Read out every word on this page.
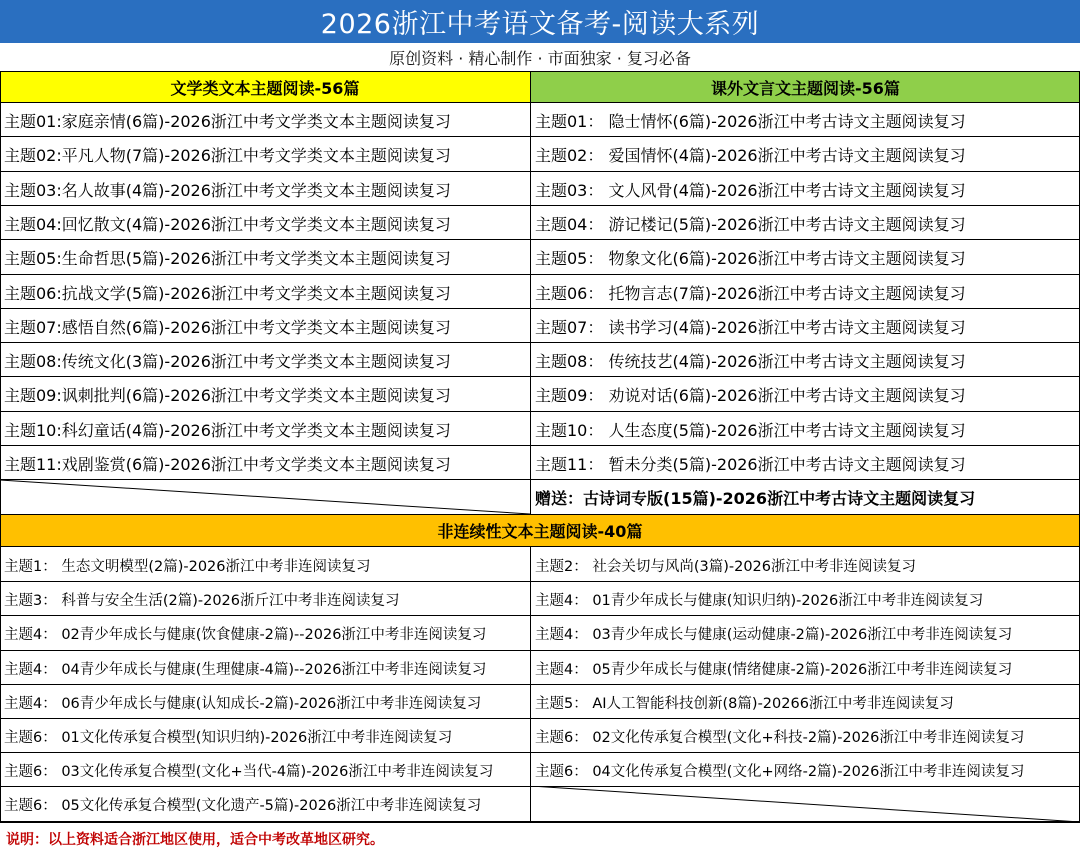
2026浙江中考语文备考-阅读大系列
原创资料 · 精心制作 · 市面独家 · 复习必备
文学类文本主题阅读-56篇	课外文言文主题阅读-56篇
赠送：古诗词专版(15篇)-2026浙江中考古诗文主题阅读复习
非连续性文本主题阅读-40篇
说明：以上资料适合浙江地区使用，适合中考改革地区研究。
主题01:家庭亲情(6篇)-2026浙江中考文学类文本主题阅读复习
主题02:平凡人物(7篇)-2026浙江中考文学类文本主题阅读复习
主题03:名人故事(4篇)-2026浙江中考文学类文本主题阅读复习
主题04:回忆散文(4篇)-2026浙江中考文学类文本主题阅读复习
主题05:生命哲思(5篇)-2026浙江中考文学类文本主题阅读复习
主题06:抗战文学(5篇)-2026浙江中考文学类文本主题阅读复习
主题07:感悟自然(6篇)-2026浙江中考文学类文本主题阅读复习
主题08:传统文化(3篇)-2026浙江中考文学类文本主题阅读复习
主题09:讽刺批判(6篇)-2026浙江中考文学类文本主题阅读复习
主题10:科幻童话(4篇)-2026浙江中考文学类文本主题阅读复习
主题11:戏剧鉴赏(6篇)-2026浙江中考文学类文本主题阅读复习
主题01： 隐士情怀(6篇)-2026浙江中考古诗文主题阅读复习
主题02： 爱国情怀(4篇)-2026浙江中考古诗文主题阅读复习
主题03： 文人风骨(4篇)-2026浙江中考古诗文主题阅读复习
主题04： 游记楼记(5篇)-2026浙江中考古诗文主题阅读复习
主题05： 物象文化(6篇)-2026浙江中考古诗文主题阅读复习
主题06： 托物言志(7篇)-2026浙江中考古诗文主题阅读复习
主题07： 读书学习(4篇)-2026浙江中考古诗文主题阅读复习
主题08： 传统技艺(4篇)-2026浙江中考古诗文主题阅读复习
主题09： 劝说对话(6篇)-2026浙江中考古诗文主题阅读复习
主题10： 人生态度(5篇)-2026浙江中考古诗文主题阅读复习
主题11： 暂未分类(5篇)-2026浙江中考古诗文主题阅读复习
主题1： 生态文明模型(2篇)-2026浙江中考非连阅读复习
主题3： 科普与安全生活(2篇)-2026浙斤江中考非连阅读复习
主题4： 02青少年成长与健康(饮食健康-2篇)--2026浙江中考非连阅读复习
主题4： 04青少年成长与健康(生理健康-4篇)--2026浙江中考非连阅读复习
主题4： 06青少年成长与健康(认知成长-2篇)-2026浙江中考非连阅读复习
主题6： 01文化传承复合模型(知识归纳)-2026浙江中考非连阅读复习
主题6： 03文化传承复合模型(文化+当代-4篇)-2026浙江中考非连阅读复习
主题6： 05文化传承复合模型(文化遗产-5篇)-2026浙江中考非连阅读复习
主题2： 社会关切与风尚(3篇)-2026浙江中考非连阅读复习
主题4： 01青少年成长与健康(知识归纳)-2026浙江中考非连阅读复习
主题4： 03青少年成长与健康(运动健康-2篇)-2026浙江中考非连阅读复习
主题4： 05青少年成长与健康(情绪健康-2篇)-2026浙江中考非连阅读复习
主题5： AI人工智能科技创新(8篇)-20266浙江中考非连阅读复习
主题6： 02文化传承复合模型(文化+科技-2篇)-2026浙江中考非连阅读复习
主题6： 04文化传承复合模型(文化+网络-2篇)-2026浙江中考非连阅读复习
